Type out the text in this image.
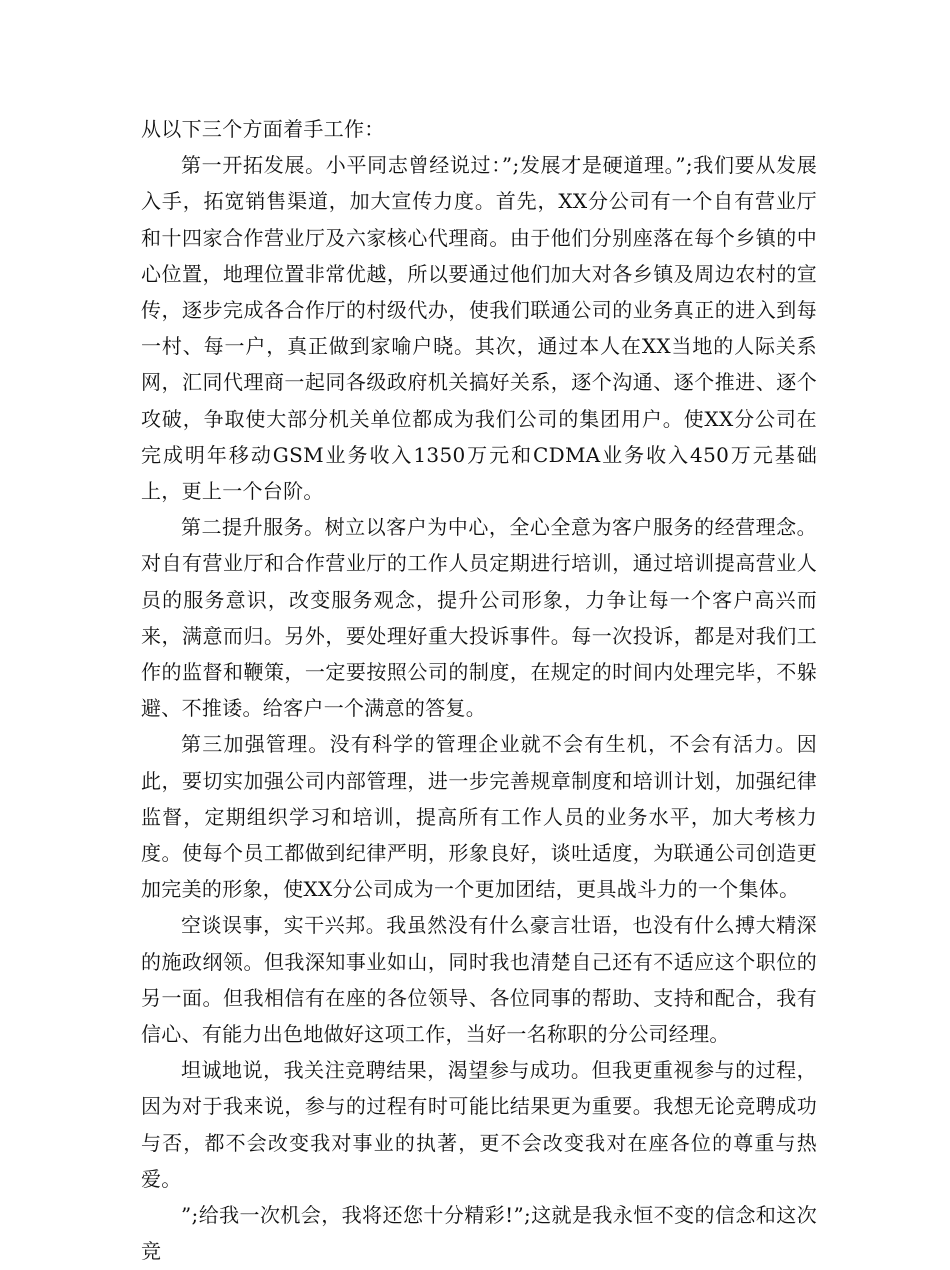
从以下三个方面着手工作：

第一开拓发展。小平同志曾经说过：”;发展才是硬道理。”;我们要从发展入手，拓宽销售渠道，加大宣传力度。首先，XX分公司有一个自有营业厅和十四家合作营业厅及六家核心代理商。由于他们分别座落在每个乡镇的中心位置，地理位置非常优越，所以要通过他们加大对各乡镇及周边农村的宣传，逐步完成各合作厅的村级代办，使我们联通公司的业务真正的进入到每一村、每一户，真正做到家喻户晓。其次，通过本人在XX当地的人际关系网，汇同代理商一起同各级政府机关搞好关系，逐个沟通、逐个推进、逐个攻破，争取使大部分机关单位都成为我们公司的集团用户。使XX分公司在完成明年移动GSM业务收入1350万元和CDMA业务收入450万元基础上，更上一个台阶。

第二提升服务。树立以客户为中心，全心全意为客户服务的经营理念。对自有营业厅和合作营业厅的工作人员定期进行培训，通过培训提高营业人员的服务意识，改变服务观念，提升公司形象，力争让每一个客户高兴而来，满意而归。另外，要处理好重大投诉事件。每一次投诉，都是对我们工作的监督和鞭策，一定要按照公司的制度，在规定的时间内处理完毕，不躲避、不推诿。给客户一个满意的答复。

第三加强管理。没有科学的管理企业就不会有生机，不会有活力。因此，要切实加强公司内部管理，进一步完善规章制度和培训计划，加强纪律监督，定期组织学习和培训，提高所有工作人员的业务水平，加大考核力度。使每个员工都做到纪律严明，形象良好，谈吐适度，为联通公司创造更加完美的形象，使XX分公司成为一个更加团结，更具战斗力的一个集体。

空谈误事，实干兴邦。我虽然没有什么豪言壮语，也没有什么搏大精深的施政纲领。但我深知事业如山，同时我也清楚自己还有不适应这个职位的另一面。但我相信有在座的各位领导、各位同事的帮助、支持和配合，我有信心、有能力出色地做好这项工作，当好一名称职的分公司经理。

坦诚地说，我关注竞聘结果，渴望参与成功。但我更重视参与的过程，因为对于我来说，参与的过程有时可能比结果更为重要。我想无论竞聘成功与否，都不会改变我对事业的执著，更不会改变我对在座各位的尊重与热爱。

”;给我一次机会，我将还您十分精彩!”;这就是我永恒不变的信念和这次竞
